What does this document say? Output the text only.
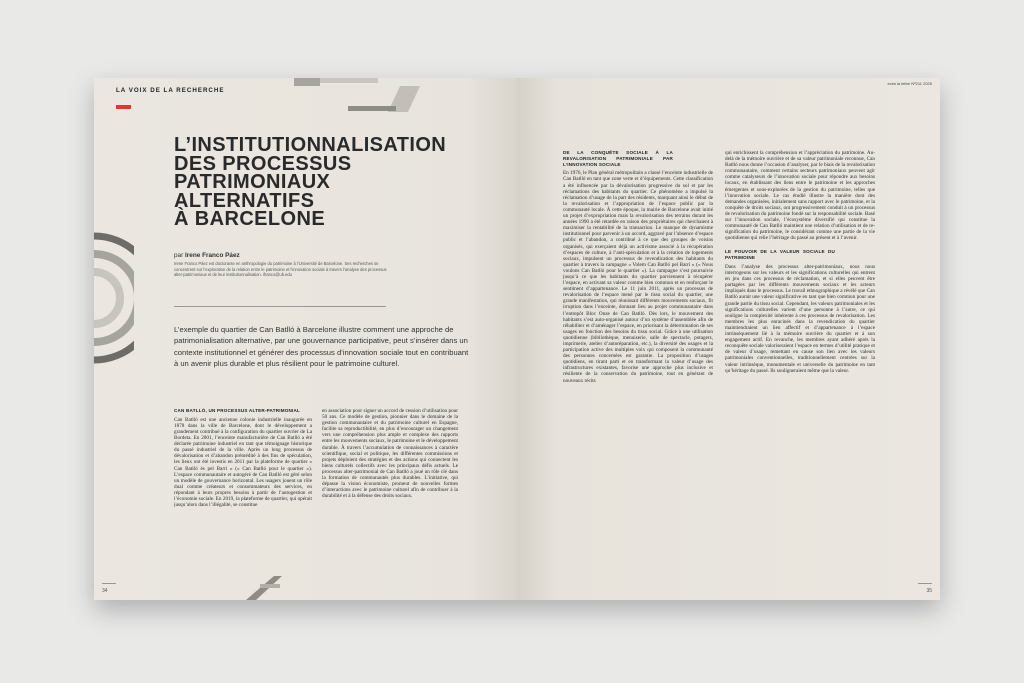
LA VOIX DE LA RECHERCHE
L’INSTITUTIONNALISATION
DES PROCESSUS
PATRIMONIAUX
ALTERNATIFS
À BARCELONE
par Irene Franco Páez
Irene Franco Páez est doctorante en anthropologie du patrimoine à l’Université de Barcelone. Ses recherches se concentrent sur l’exploration de la relation entre le patrimoine et l’innovation sociale à travers l’analyse des processus alter-patrimoniaux et de leur institutionnalisation. ifranco@ub.edu
L’exemple du quartier de Can Batlló à Barcelone illustre comment une approche de patrimonialisation alternative, par une gouvernance participative, peut s’insérer dans un contexte institutionnel et générer des processus d’innovation sociale tout en contribuant à un avenir plus durable et plus résilient pour le patrimoine culturel.

CAN BATLLÓ, UN PROCESSUS ALTER-PATRIMONIAL

Can Batlló est une ancienne colonie industrielle inaugurée en 1878 dans la ville de Barcelone, dont le développement a grandement contribué à la configuration du quartier ouvrier de La Bordeta. En 2001, l’enceinte manufacturière de Can Batlló a été déclarée patrimoine industriel en tant que témoignage historique du passé industriel de la ville. Après un long processus de dévalorisation et d’abandon prémédité à des fins de spéculation, les lieux ont été investis en 2011 par la plateforme de quartier « Can Batlló és pel Barri » (« Can Batlló pour le quartier »). L’espace communautaire et autogéré de Can Batlló est géré selon un modèle de gouvernance horizontal. Les usagers jouent un rôle dual comme créateurs et consommateurs des services, en répondant à leurs propres besoins à partir de l’autogestion et l’économie sociale. En 2019, la plateforme de quartier, qui opérait jusqu’alors dans l’illégalité, se constitue

en association pour signer un accord de cession d’utilisation pour 50 ans. Ce modèle de gestion, pionnier dans le domaine de la gestion communautaire et du patrimoine culturel en Espagne, facilite sa reproductibilité, en plus d’encourager un changement vers une compréhension plus ample et complexe des rapports entre les mouvements sociaux, le patrimoine et le développement durable. À travers l’accumulation de connaissances à caractère scientifique, social et politique, les différentes commissions et projets déploient des stratégies et des actions qui connectent les biens culturels collectifs avec les principaux défis actuels. Le processus alter-patrimonial de Can Batlló a joué un rôle clé dans la formation de communautés plus durables. L’initiative, qui dépasse la vision économiste, promeut de nouvelles formes d’interactions avec le patrimoine culturel afin de contribuer à la durabilité et à la défense des droits sociaux.

34
ecim la lettre Nº211 2025

DE LA CONQUÊTE SOCIALE À LA REVALORISATION PATRIMONIALE PAR L’INNOVATION SOCIALE

En 1976, le Plan général métropolitain a classé l’enceinte industrielle de Can Batlló en tant que zone verte et d’équipements. Cette classification a été influencée par la dévalorisation progressive du sol et par les réclamations des habitants du quartier. Ce phénomène a impulsé la réclamation d’usage de la part des résidents, marquant ainsi le début de la revalorisation et l’appropriation de l’espace public par la communauté locale. À cette époque, la mairie de Barcelone avait initié un projet d’expropriation mais la revalorisation des terrains durant les années 1990 a été retardée en raison des propriétaires qui cherchaient à maximiser la rentabilité de la transaction. Le manque de dynamisme institutionnel pour parvenir à un accord, aggravé par l’absence d’espace public et l’abandon, a contribué à ce que des groupes de voisins organisés, qui exerçaient déjà un activisme associé à la récupération d’espaces de culture, à l’anti-spéculation et à la création de logements sociaux, impulsent un processus de revendication des habitants du quartier à travers la campagne « Volem Can Batlló pel Barri » (« Nous voulons Can Batlló pour le quartier »). La campagne s’est poursuivie jusqu’à ce que les habitants du quartier parviennent à récupérer l’espace, en activant sa valeur comme bien commun et en renforçant le sentiment d’appartenance. Le 11 juin 2011, après un processus de revalorisation de l’espace mené par le tissu social du quartier, une grande manifestation, qui réunissait différents mouvements sociaux, fit irruption dans l’enceinte, donnant lieu au projet communautaire dans l’entrepôt Bloc Onze de Can Batlló. Dès lors, le mouvement des habitants s’est auto-organisé autour d’un système d’assemblée afin de réhabiliter et d’aménager l’espace, en priorisant la détermination de ses usages en fonction des besoins du tissu social. Grâce à une utilisation quotidienne (bibliothèque, menuiserie, salle de spectacle, potagers, imprimerie, atelier d’autoréparation, etc.), la diversité des usages et la participation active des multiples voix qui composent la communauté des personnes concernées est garantie. La proposition d’usages quotidiens, en tirant parti et en transformant la valeur d’usage des infrastructures existantes, favorise une approche plus inclusive et résiliente de la conservation du patrimoine, tout en générant de nouveaux récits

qui enrichissent la compréhension et l’appréciation du patrimoine. Au-delà de la mémoire ouvrière et de sa valeur patrimoniale reconnue, Can Batlló nous donne l’occasion d’analyser, par le biais de la revalorisation communautaire, comment certains secteurs patrimoniaux peuvent agir comme catalyseurs de l’innovation sociale pour répondre aux besoins locaux, en établissant des liens entre le patrimoine et les approches émergentes et sous-explorées de la gestion du patrimoine, telles que l’innovation sociale. Le cas étudié illustre la manière dont des demandes organisées, initialement sans rapport avec le patrimoine, et la conquête de droits sociaux, ont progressivement conduit à un processus de revalorisation du patrimoine fondé sur la responsabilité sociale. Basé sur l’innovation sociale, l’écosystème diversifié qui constitue la communauté de Can Batlló maintient une relation d’utilisation et de re-signification du patrimoine, le considérant comme une partie de la vie quotidienne qui relie l’héritage du passé au présent et à l’avenir.

LE POUVOIR DE LA VALEUR SOCIALE DU PATRIMOINE

Dans l’analyse des processus alter-patrimoniaux, nous nous interrogeons sur les valeurs et les significations culturelles qui entrent en jeu dans ces processus de réclamation, et si elles peuvent être partagées par les différents mouvements sociaux et les acteurs impliqués dans le processus. Le travail ethnographique a révélé que Can Batlló aurait une valeur significative en tant que bien commun pour une grande partie du tissu social. Cependant, les valeurs patrimoniales et les significations culturelles varient d’une personne à l’autre, ce qui souligne la complexité inhérente à ces processus de revalorisation. Les membres les plus enracinés dans la revendication du quartier maintiendraient un lien affectif et d’appartenance à l’espace intrinsèquement lié à la mémoire ouvrière du quartier et à son engagement actif. En revanche, les membres ayant adhéré après la reconquête sociale valoriseraient l’espace en termes d’utilité pratique et de valeur d’usage, remettant en cause son lien avec les valeurs patrimoniales conventionnelles, traditionnellement centrées sur la valeur intrinsèque, monumentale et universelle du patrimoine en tant qu’héritage du passé. Ils souligneraient même que la valeur.

35
